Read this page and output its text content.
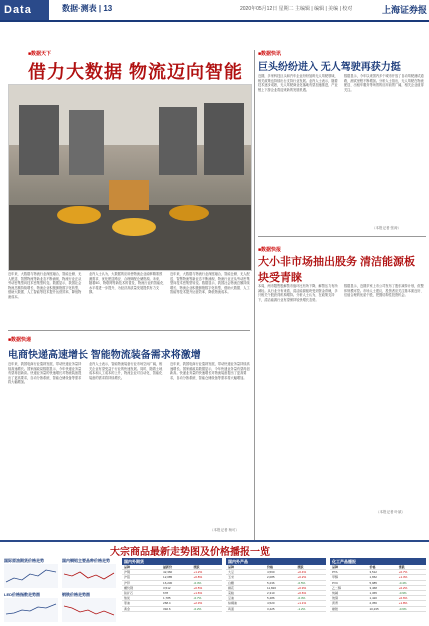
Data	数据·测表 | 13	2020年05月12日 星期二 主编辑 | 编辑 | 美编 | 校对	上海证券报
■数据天下
借力大数据 物流迈向智能
近年来，大数据与物流行业深度融合，智能仓储、无人配送、智慧物流等新业态不断涌现，物流行业正从劳动密集型向技术密集型转变。数据显示，我国社会物流总额持续增长，物流企业积极拥抱数字化转型，借助大数据、人工智能等技术提升运营效率，降低物流成本。
业内人士认为，大数据的应用使物流企业能够精准预测需求、优化配送路径、合理调配仓储资源。未来，随着5G、物联网等新技术的普及，物流行业的智能化水平将进一步提升，为经济高质量发展提供有力支撑。
近年来，大数据与物流行业深度融合，智能仓储、无人配送、智慧物流等新业态不断涌现，物流行业正从劳动密集型向技术密集型转变。数据显示，我国社会物流总额持续增长，物流企业积极拥抱数字化转型，借助大数据、人工智能等技术提升运营效率，降低物流成本。
■数据快讯
巨头纷纷进入 无人驾驶再获力挺
近期，多家科技巨头和汽车企业纷纷加码无人驾驶领域，相关政策也持续出台支持行业发展。业内人士表示，随着技术逐步成熟，无人驾驶商业化落地有望加速推进，产业链上下游企业将迎来新的发展机遇。
数据显示，今年以来国内多个城市开放了自动驾驶测试道路，测试里程不断增加。分析人士指出，无人驾驶在物流配送、出租车服务等场景的应用前景广阔，相关企业值得关注。
（本报记者 张涛）
■数据快报
大小非市场抽出股务 清洁能源板块受青睐
本周，两市限售股解禁市值环比有所下降，解禁压力有所减轻。从行业分布来看，清洁能源板块受到资金青睐，多只相关个股获得机构增持。分析人士认为，在政策支持下，清洁能源行业有望保持较快增长态势。
数据显示，近期多家上市公司发布了股东减持计划，但整体规模可控。市场人士建议，投资者应关注基本面良好、估值合理的优质个股，把握结构性投资机会。
（本报记者 叶斌）
■数据快递
电商快递高速增长 智能物流装备需求将激增
近年来，我国电商行业蓬勃发展，带动快递业务量持续高速增长。国家邮政局数据显示，今年快递业务量有望再创新高。快递业务量的快速增长对物流装备提出了更高要求，自动分拣系统、智能仓储设备等需求将大幅增加。
业内人士表示，智能物流装备行业市场空间广阔，相关企业有望受益于行业的快速发展。同时，随着土地成本和人工成本的上升，物流企业对自动化、智能化装备的需求将持续增长。
近年来，我国电商行业蓬勃发展，带动快递业务量持续高速增长。国家邮政局数据显示，今年快递业务量有望再创新高。快递业务量的快速增长对物流装备提出了更高要求，自动分拣系统、智能仓储设备等需求将大幅增加。
（本报记者 杨可）
大宗商品最新走势图及价格播报一览
国际原油期货价格走势	国内铜铝主要品种价格走势
LED价格指数走势图	钢铁价格走势图
国内外期货
品种	最新价	涨跌
沪铜	42,360	+1.2%
沪铝	12,085	+0.8%
沪锌	16,230	-0.3%
螺纹钢	3,512	+0.5%
铁矿石	678	+1.6%
焦炭	1,785	-0.7%
原油	268.4	+2.3%
黄金	392.6	-0.2%
国内外产品
品种	价格	涨跌
大豆	4,560	+0.4%
玉米	2,085	+0.2%
白糖	5,236	-0.5%
棉花	11,820	+0.9%
菜粕	2,310	+0.6%
豆油	5,486	-0.3%
棕榈油	4,520	+1.1%
鸡蛋	3,425	-1.2%
化工产品播报
品种	价格	涨跌
PTA	3,512	+0.7%
甲醇	1,652	+1.3%
PVC	5,985	-0.4%
乙二醇	3,468	+0.2%
纯碱	1,365	-0.9%
玻璃	1,420	+0.6%
沥青	2,356	+1.8%
橡胶	10,235	-0.6%
